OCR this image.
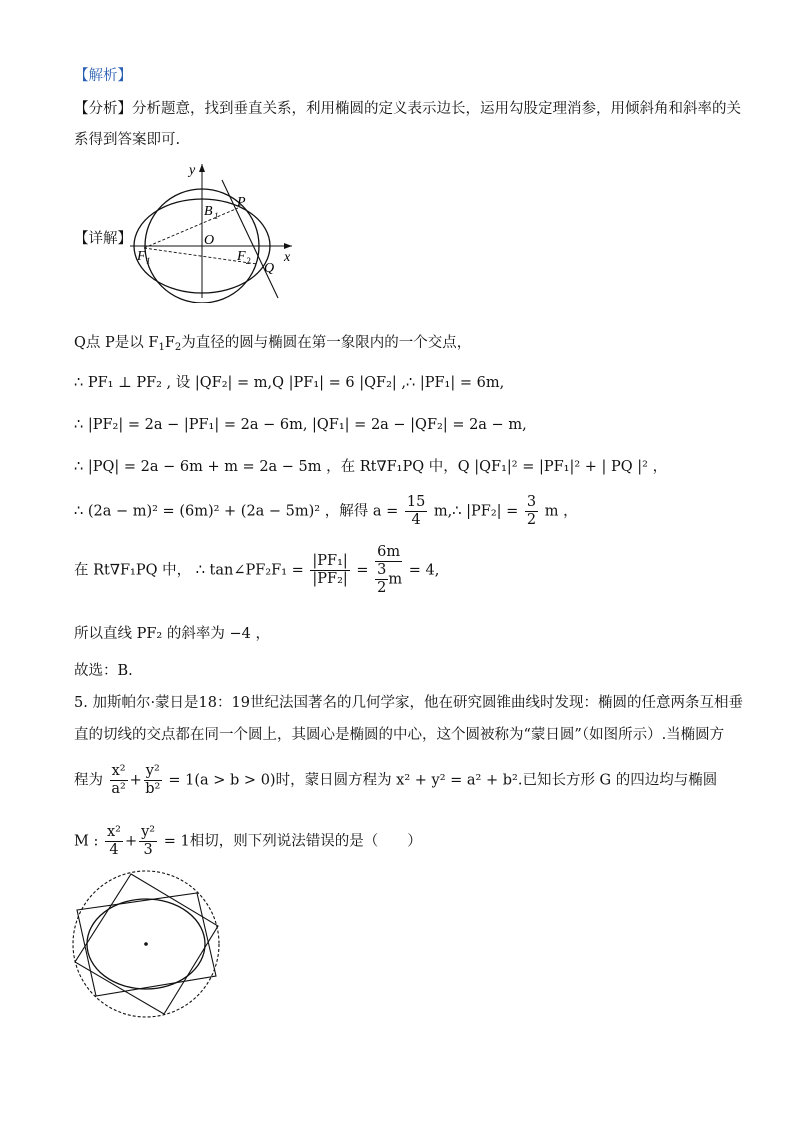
【解析】
【分析】分析题意，找到垂直关系，利用椭圆的定义表示边长，运用勾股定理消参，用倾斜角和斜率的关
系得到答案即可.
【详解】
y
x
O
P
Q
B 1
F 1	F 2
Q点 P是以 $F_1F_2$为直径的圆与椭圆在第一象限内的一个交点，
∴ PF₁ ⊥ PF₂ , 设 |QF₂| = m,Q |PF₁| = 6 |QF₂| ,∴ |PF₁| = 6m,
∴ |PF₂| = 2a − |PF₁| = 2a − 6m, |QF₁| = 2a − |QF₂| = 2a − m,
∴ |PQ| = 2a − 6m + m = 2a − 5m ，在 Rt∇F₁PQ 中，Q |QF₁|² = |PF₁|² + | PQ |² ，
∴ (2a − m)² = (6m)² + (2a − 5m)² ，解得 $a = \frac{15}{4}$ m,∴ $|PF_2| = \frac{3}{2}$ m ，
在 Rt∇F₁PQ 中， ∴ tan∠PF₂F₁ = $\frac{\text{|PF₁|}}{\text{|PF₂|}} = \frac{6m}{\frac{3}{2} m} = 4$,
所以直线 PF₂ 的斜率为 −4 ，
故选：B.
5. 加斯帕尔·蒙日是18：19世纪法国著名的几何学家，他在研究圆锥曲线时发现：椭圆的任意两条互相垂
直的切线的交点都在同一个圆上，其圆心是椭圆的中心，这个圆被称为“蒙日圆”（如图所示）.当椭圆方
程为 $\frac{\text{x²}}{\text{a²}} + \frac{\text{y²}}{\text{b²}} = 1(a > b > 0)$时，蒙日圆方程为 x² + y² = a² + b².已知长方形 G 的四边均与椭圆
M : $\frac{\text{x²}}{4} + \frac{\text{y²}}{3} = 1$相切，则下列说法错误的是（　　）
